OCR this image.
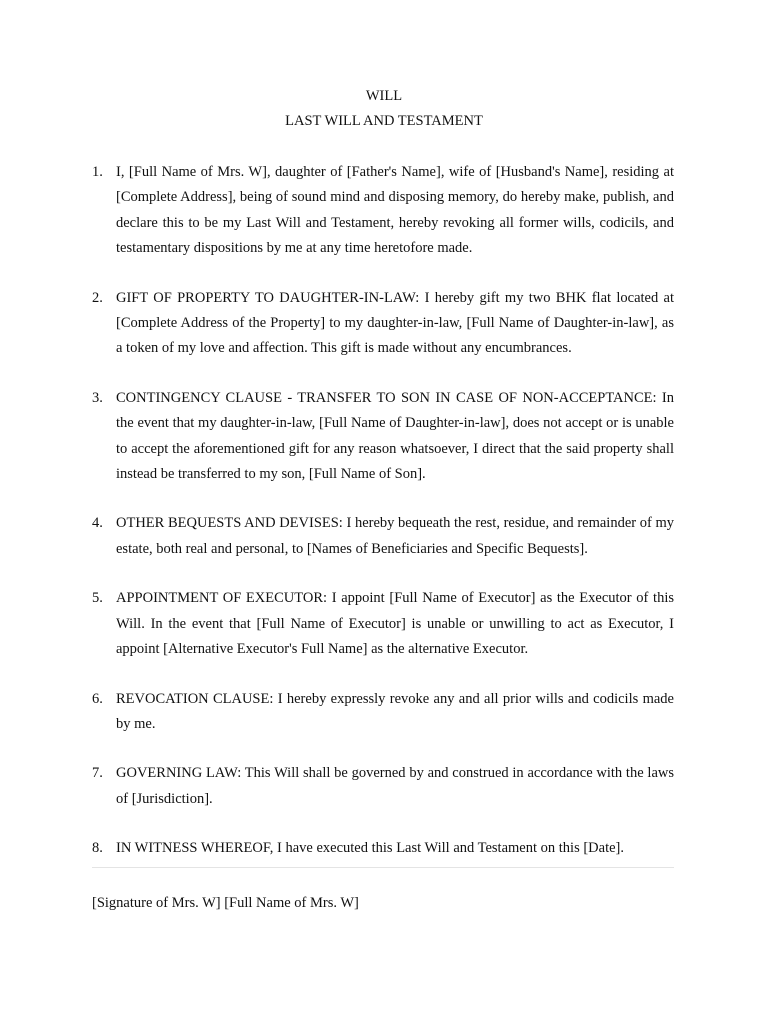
WILL
LAST WILL AND TESTAMENT
1. I, [Full Name of Mrs. W], daughter of [Father's Name], wife of [Husband's Name], residing at [Complete Address], being of sound mind and disposing memory, do hereby make, publish, and declare this to be my Last Will and Testament, hereby revoking all former wills, codicils, and testamentary dispositions by me at any time heretofore made.
2. GIFT OF PROPERTY TO DAUGHTER-IN-LAW: I hereby gift my two BHK flat located at [Complete Address of the Property] to my daughter-in-law, [Full Name of Daughter-in-law], as a token of my love and affection. This gift is made without any encumbrances.
3. CONTINGENCY CLAUSE - TRANSFER TO SON IN CASE OF NON-ACCEPTANCE: In the event that my daughter-in-law, [Full Name of Daughter-in-law], does not accept or is unable to accept the aforementioned gift for any reason whatsoever, I direct that the said property shall instead be transferred to my son, [Full Name of Son].
4. OTHER BEQUESTS AND DEVISES: I hereby bequeath the rest, residue, and remainder of my estate, both real and personal, to [Names of Beneficiaries and Specific Bequests].
5. APPOINTMENT OF EXECUTOR: I appoint [Full Name of Executor] as the Executor of this Will. In the event that [Full Name of Executor] is unable or unwilling to act as Executor, I appoint [Alternative Executor's Full Name] as the alternative Executor.
6. REVOCATION CLAUSE: I hereby expressly revoke any and all prior wills and codicils made by me.
7. GOVERNING LAW: This Will shall be governed by and construed in accordance with the laws of [Jurisdiction].
8. IN WITNESS WHEREOF, I have executed this Last Will and Testament on this [Date].
[Signature of Mrs. W] [Full Name of Mrs. W]
